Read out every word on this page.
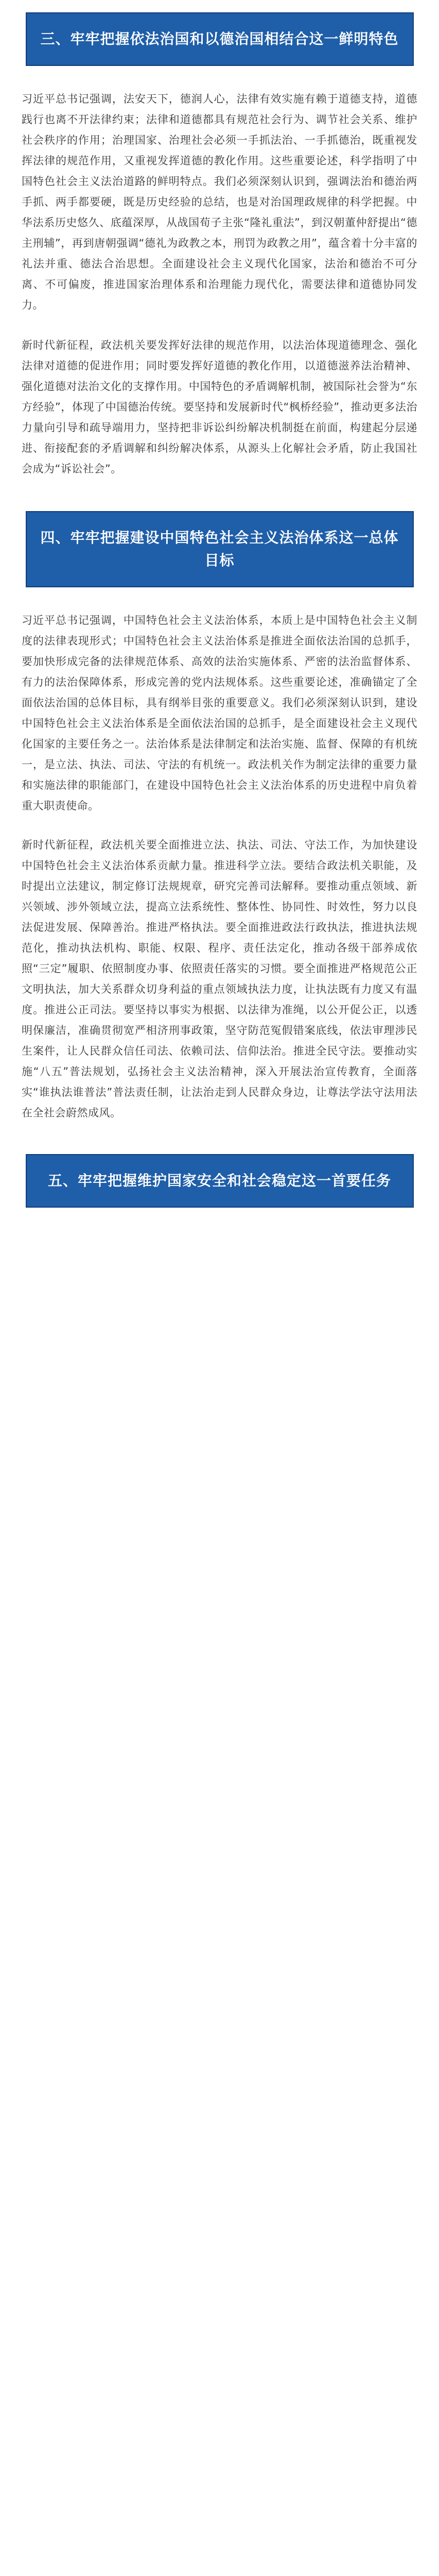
三、牢牢把握依法治国和以德治国相结合这一鲜明特色

习近平总书记强调，法安天下，德润人心，法律有效实施有赖于道德支持，道德践行也离不开法律约束；法律和道德都具有规范社会行为、调节社会关系、维护社会秩序的作用；治理国家、治理社会必须一手抓法治、一手抓德治，既重视发挥法律的规范作用，又重视发挥道德的教化作用。这些重要论述，科学指明了中国特色社会主义法治道路的鲜明特点。我们必须深刻认识到，强调法治和德治两手抓、两手都要硬，既是历史经验的总结，也是对治国理政规律的科学把握。中华法系历史悠久、底蕴深厚，从战国荀子主张“隆礼重法”，到汉朝董仲舒提出“德主刑辅”，再到唐朝强调“德礼为政教之本，刑罚为政教之用”，蕴含着十分丰富的礼法并重、德法合治思想。全面建设社会主义现代化国家，法治和德治不可分离、不可偏废，推进国家治理体系和治理能力现代化，需要法律和道德协同发力。

新时代新征程，政法机关要发挥好法律的规范作用，以法治体现道德理念、强化法律对道德的促进作用；同时要发挥好道德的教化作用，以道德滋养法治精神、强化道德对法治文化的支撑作用。中国特色的矛盾调解机制，被国际社会誉为“东方经验”，体现了中国德治传统。要坚持和发展新时代“枫桥经验”，推动更多法治力量向引导和疏导端用力，坚持把非诉讼纠纷解决机制挺在前面，构建起分层递进、衔接配套的矛盾调解和纠纷解决体系，从源头上化解社会矛盾，防止我国社会成为“诉讼社会”。

四、牢牢把握建设中国特色社会主义法治体系这一总体目标

习近平总书记强调，中国特色社会主义法治体系，本质上是中国特色社会主义制度的法律表现形式；中国特色社会主义法治体系是推进全面依法治国的总抓手，要加快形成完备的法律规范体系、高效的法治实施体系、严密的法治监督体系、有力的法治保障体系，形成完善的党内法规体系。这些重要论述，准确锚定了全面依法治国的总体目标，具有纲举目张的重要意义。我们必须深刻认识到，建设中国特色社会主义法治体系是全面依法治国的总抓手，是全面建设社会主义现代化国家的主要任务之一。法治体系是法律制定和法治实施、监督、保障的有机统一，是立法、执法、司法、守法的有机统一。政法机关作为制定法律的重要力量和实施法律的职能部门，在建设中国特色社会主义法治体系的历史进程中肩负着重大职责使命。

新时代新征程，政法机关要全面推进立法、执法、司法、守法工作，为加快建设中国特色社会主义法治体系贡献力量。推进科学立法。要结合政法机关职能，及时提出立法建议，制定修订法规规章，研究完善司法解释。要推动重点领域、新兴领域、涉外领域立法，提高立法系统性、整体性、协同性、时效性，努力以良法促进发展、保障善治。推进严格执法。要全面推进政法行政执法，推进执法规范化，推动执法机构、职能、权限、程序、责任法定化，推动各级干部养成依照“三定”履职、依照制度办事、依照责任落实的习惯。要全面推进严格规范公正文明执法，加大关系群众切身利益的重点领域执法力度，让执法既有力度又有温度。推进公正司法。要坚持以事实为根据、以法律为准绳，以公开促公正，以透明保廉洁，准确贯彻宽严相济刑事政策，坚守防范冤假错案底线，依法审理涉民生案件，让人民群众信任司法、依赖司法、信仰法治。推进全民守法。要推动实施“八五”普法规划，弘扬社会主义法治精神，深入开展法治宣传教育，全面落实“谁执法谁普法”普法责任制，让法治走到人民群众身边，让尊法学法守法用法在全社会蔚然成风。

五、牢牢把握维护国家安全和社会稳定这一首要任务
